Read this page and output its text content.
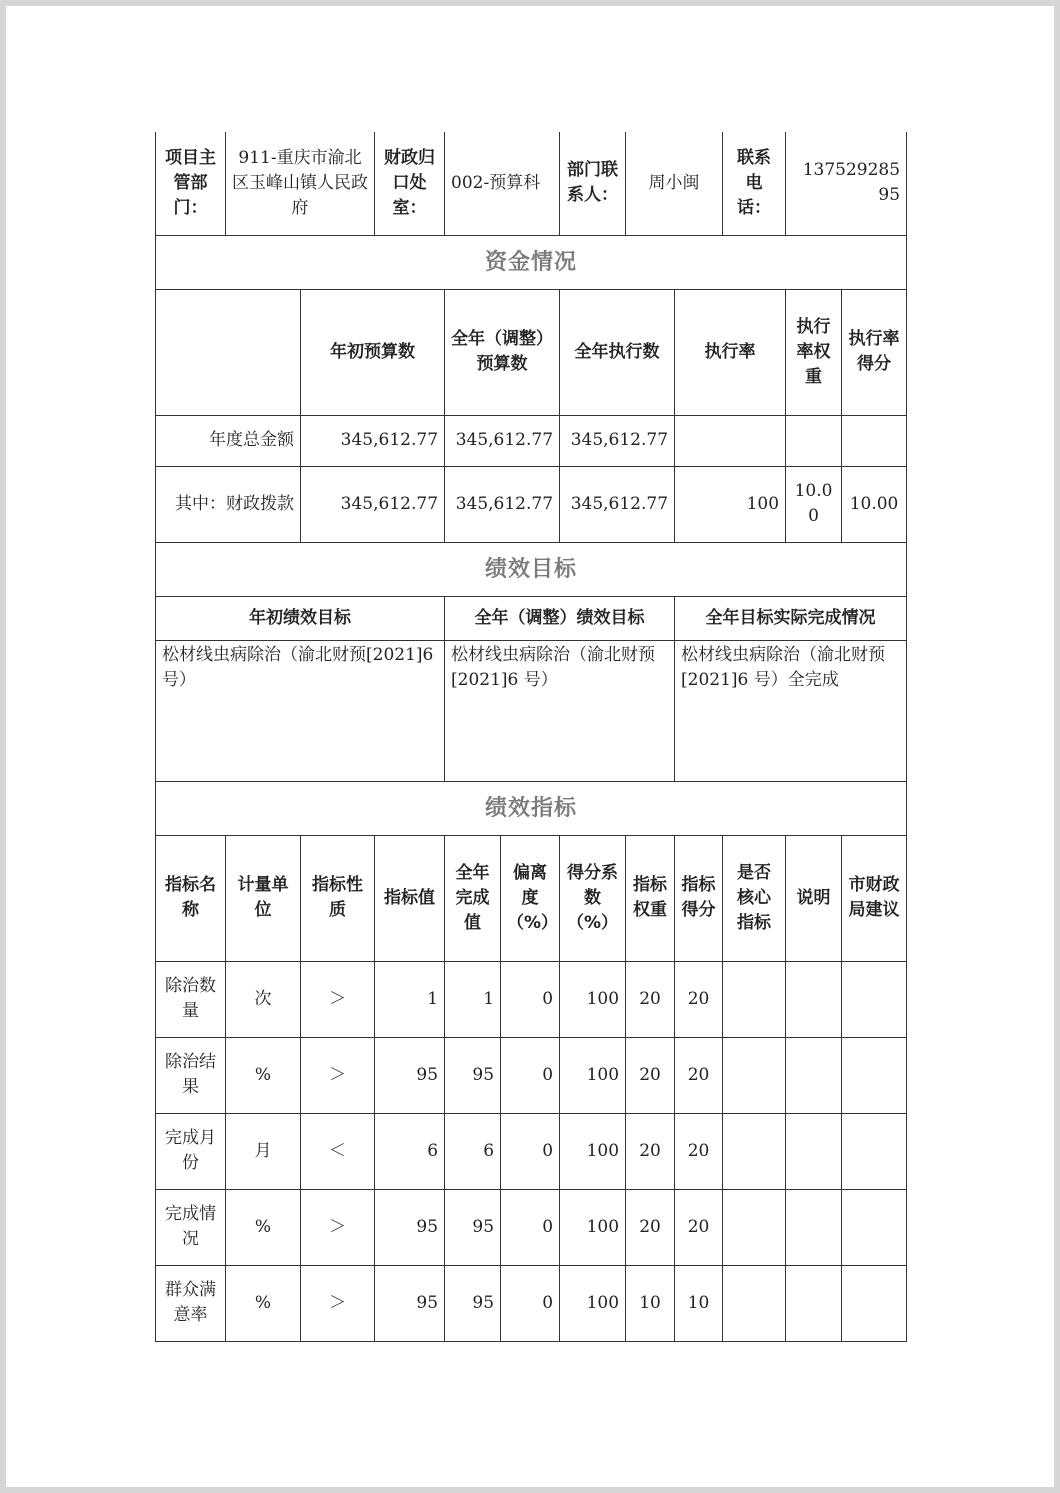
项目主管部门：	911-重庆市渝北区玉峰山镇人民政府		财政归口处室：	002-预算科		部门联系人：	周小闽		联系电话：	13752928595	
资金情况											
		年初预算数		全年（调整）预算数		全年执行数		执行率		执行率权重	执行率得分
年度总金额		345,612.77		345,612.77		345,612.77					
其中：财政拨款		345,612.77		345,612.77		345,612.77		100		10.00	10.00
绩效目标											
年初绩效目标				全年（调整）绩效目标				全年目标实际完成情况			
松材线虫病除治（渝北财预[2021]6 号）				松材线虫病除治（渝北财预[2021]6 号）				松材线虫病除治（渝北财预[2021]6 号）全完成			
绩效指标											
指标名称	计量单位	指标性质	指标值	全年完成值	偏离度（%）	得分系数（%）	指标权重	指标得分	是否核心指标	说明	市财政局建议
除治数量	次	＞	1	1	0	100	20	20			
除治结果	%	＞	95	95	0	100	20	20			
完成月份	月	＜	6	6	0	100	20	20			
完成情况	%	＞	95	95	0	100	20	20			
群众满意率	%	＞	95	95	0	100	10	10			
